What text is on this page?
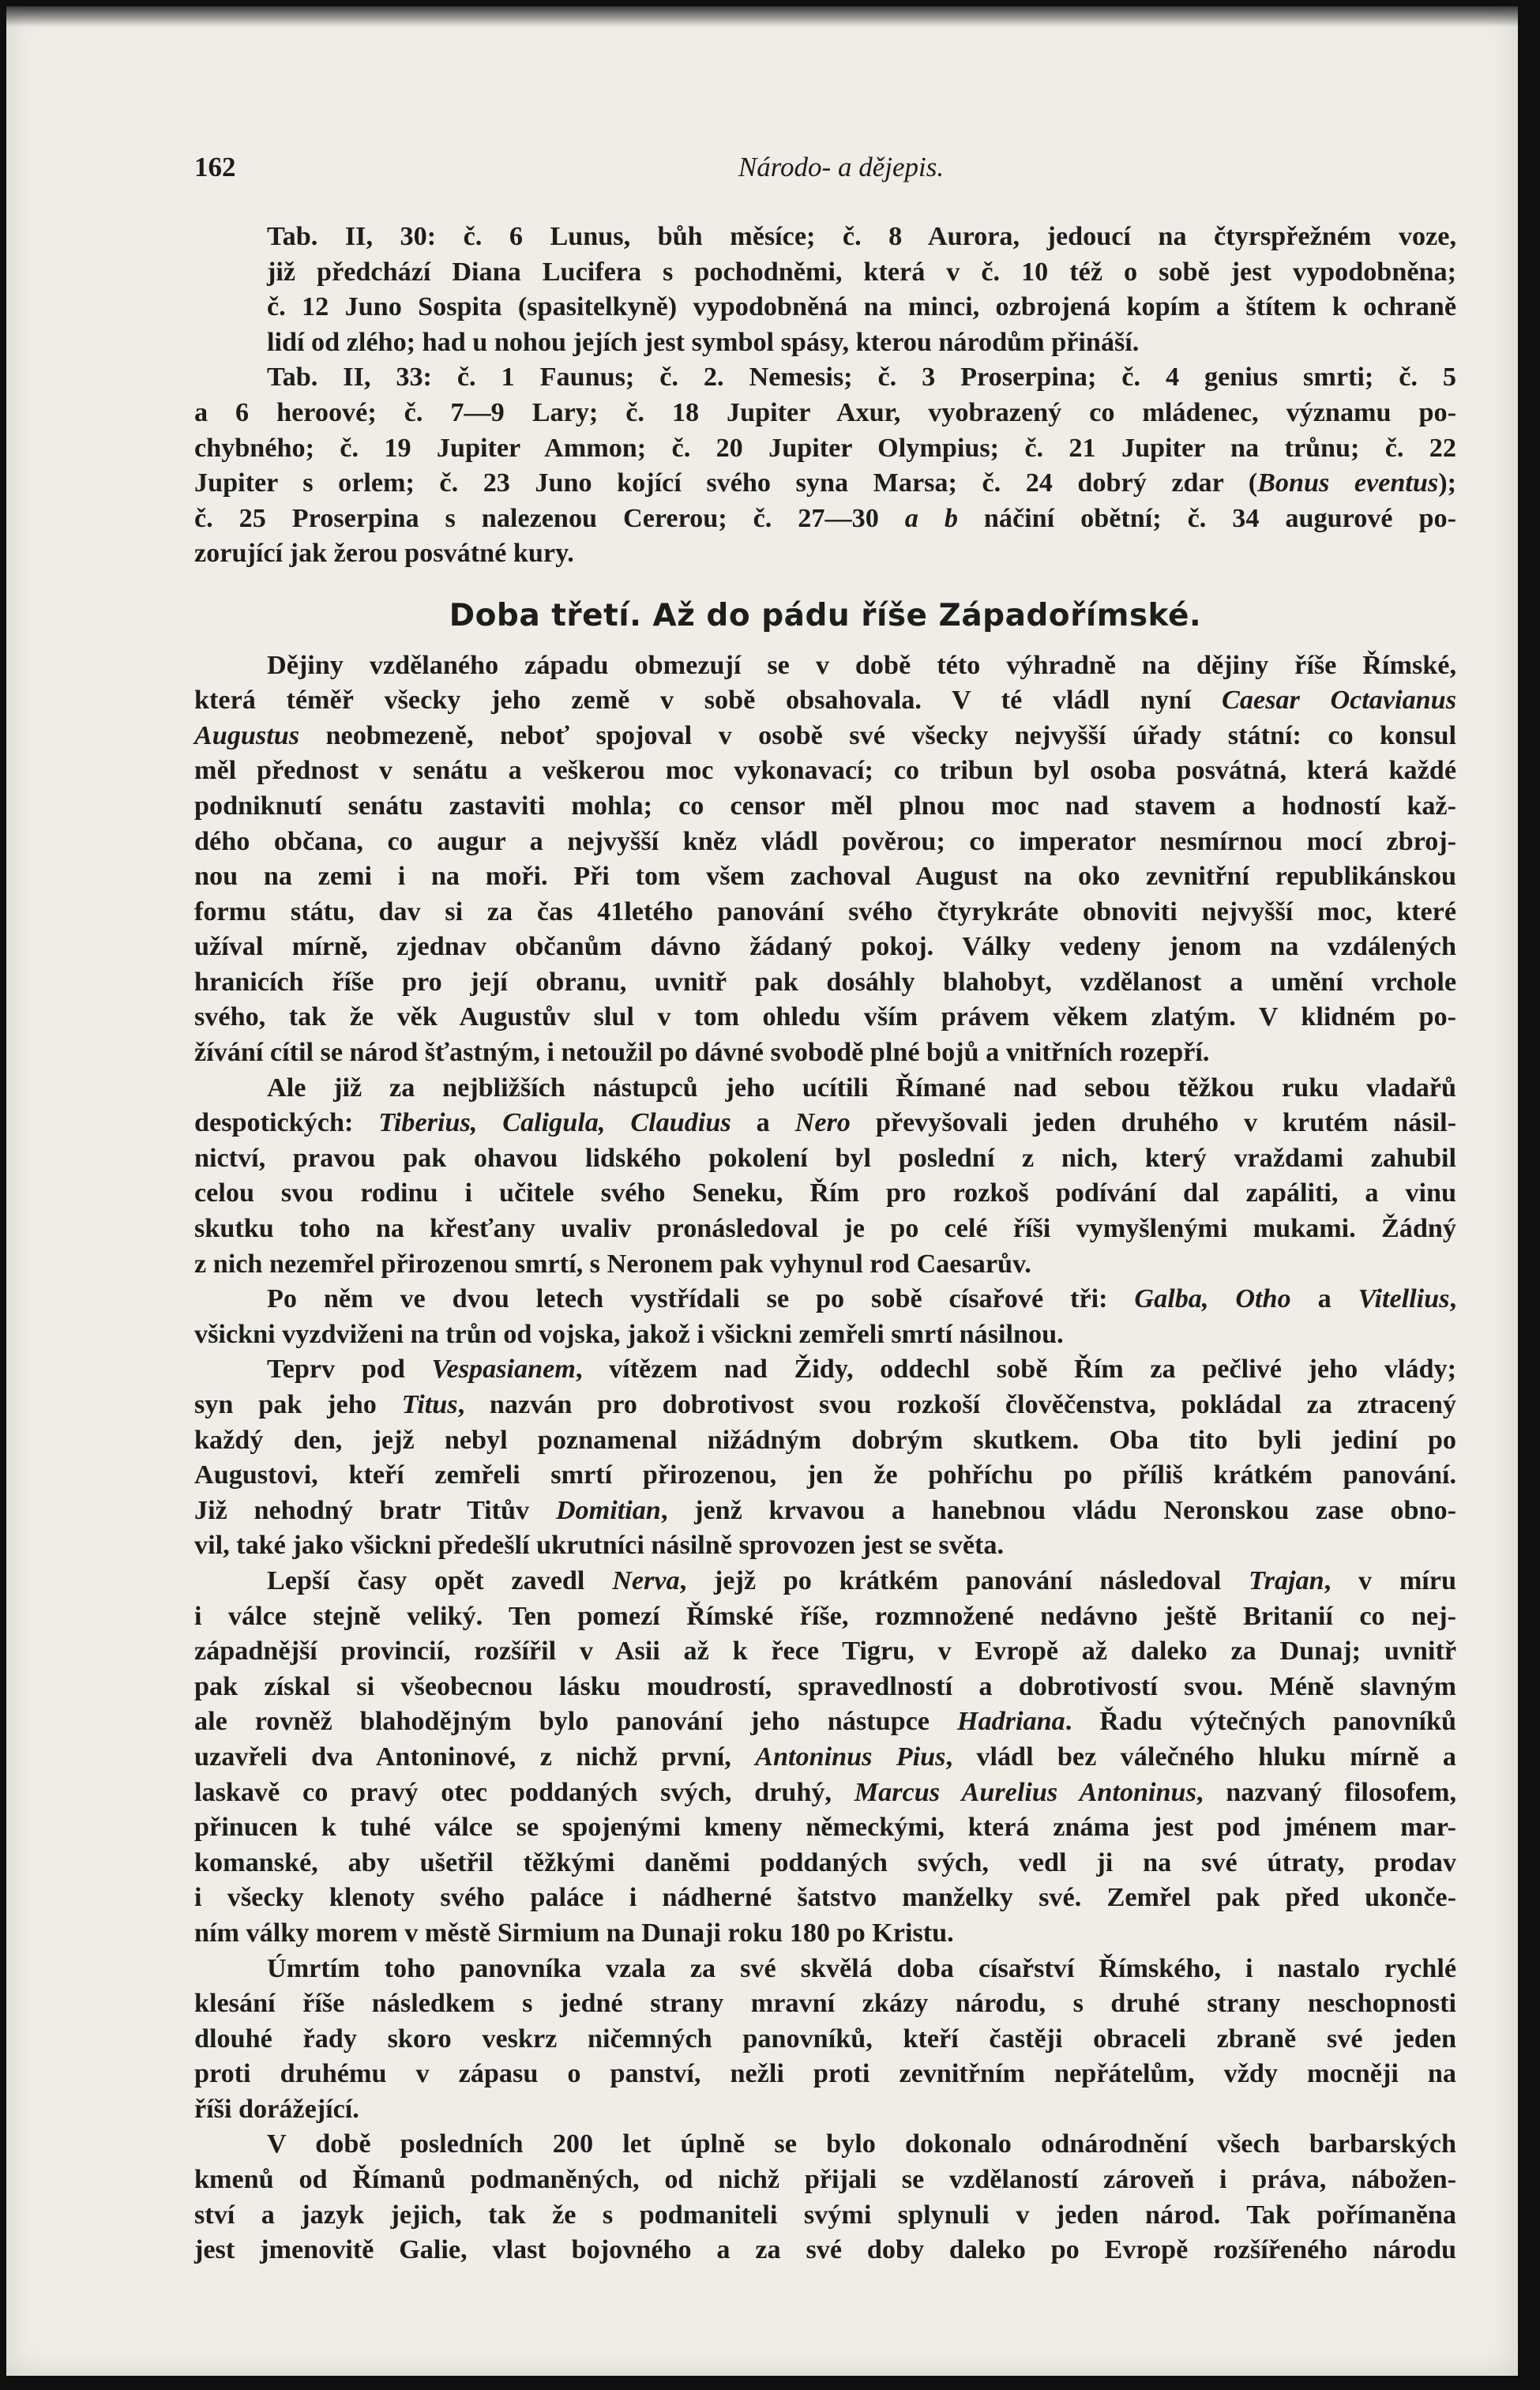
162	Národo- a dějepis.

Tab. II, 30: č. 6 Lunus, bůh měsíce; č. 8 Aurora, jedoucí na čtyrspřežném voze,
již předchází Diana Lucifera s pochodněmi, která v č. 10 též o sobě jest vypodobněna;
č. 12 Juno Sospita (spasitelkyně) vypodobněná na minci, ozbrojená kopím a štítem k ochraně
lidí od zlého; had u nohou jejích jest symbol spásy, kterou národům přináší.

Tab. II, 33: č. 1 Faunus; č. 2. Nemesis; č. 3 Proserpina; č. 4 genius smrti; č. 5
a 6 heroové; č. 7—9 Lary; č. 18 Jupiter Axur, vyobrazený co mládenec, významu po-
chybného; č. 19 Jupiter Ammon; č. 20 Jupiter Olympius; č. 21 Jupiter na trůnu; č. 22
Jupiter s orlem; č. 23 Juno kojící svého syna Marsa; č. 24 dobrý zdar (Bonus eventus);
č. 25 Proserpina s nalezenou Cererou; č. 27—30 a b náčiní obětní; č. 34 augurové po-
zorující jak žerou posvátné kury.

Doba třetí. Až do pádu říše Západořímské.

Dějiny vzdělaného západu obmezují se v době této výhradně na dějiny říše Římské,
která téměř všecky jeho země v sobě obsahovala. V té vládl nyní Caesar Octavianus
Augustus neobmezeně, neboť spojoval v osobě své všecky nejvyšší úřady státní: co konsul
měl přednost v senátu a veškerou moc vykonavací; co tribun byl osoba posvátná, která každé
podniknutí senátu zastaviti mohla; co censor měl plnou moc nad stavem a hodností kaž-
dého občana, co augur a nejvyšší kněz vládl pověrou; co imperator nesmírnou mocí zbroj-
nou na zemi i na moři. Při tom všem zachoval August na oko zevnitřní republikánskou
formu státu, dav si za čas 41letého panování svého čtyrykráte obnoviti nejvyšší moc, které
užíval mírně, zjednav občanům dávno žádaný pokoj. Války vedeny jenom na vzdálených
hranicích říše pro její obranu, uvnitř pak dosáhly blahobyt, vzdělanost a umění vrchole
svého, tak že věk Augustův slul v tom ohledu vším právem věkem zlatým. V klidném po-
žívání cítil se národ šťastným, i netoužil po dávné svobodě plné bojů a vnitřních rozepří.

Ale již za nejbližších nástupců jeho ucítili Římané nad sebou těžkou ruku vladařů
despotických: Tiberius, Caligula, Claudius a Nero převyšovali jeden druhého v krutém násil-
nictví, pravou pak ohavou lidského pokolení byl poslední z nich, který vraždami zahubil
celou svou rodinu i učitele svého Seneku, Řím pro rozkoš podívání dal zapáliti, a vinu
skutku toho na křesťany uvaliv pronásledoval je po celé říši vymyšlenými mukami. Žádný
z nich nezemřel přirozenou smrtí, s Neronem pak vyhynul rod Caesarův.

Po něm ve dvou letech vystřídali se po sobě císařové tři: Galba, Otho a Vitellius,
všickni vyzdviženi na trůn od vojska, jakož i všickni zemřeli smrtí násilnou.

Teprv pod Vespasianem, vítězem nad Židy, oddechl sobě Řím za pečlivé jeho vlády;
syn pak jeho Titus, nazván pro dobrotivost svou rozkoší člověčenstva, pokládal za ztracený
každý den, jejž nebyl poznamenal nižádným dobrým skutkem. Oba tito byli jediní po
Augustovi, kteří zemřeli smrtí přirozenou, jen že pohříchu po příliš krátkém panování.
Již nehodný bratr Titův Domitian, jenž krvavou a hanebnou vládu Neronskou zase obno-
vil, také jako všickni předešlí ukrutníci násilně sprovozen jest se světa.

Lepší časy opět zavedl Nerva, jejž po krátkém panování následoval Trajan, v míru
i válce stejně veliký. Ten pomezí Římské říše, rozmnožené nedávno ještě Britanií co nej-
západnější provincií, rozšířil v Asii až k řece Tigru, v Evropě až daleko za Dunaj; uvnitř
pak získal si všeobecnou lásku moudrostí, spravedlností a dobrotivostí svou. Méně slavným
ale rovněž blahodějným bylo panování jeho nástupce Hadriana. Řadu výtečných panovníků
uzavřeli dva Antoninové, z nichž první, Antoninus Pius, vládl bez válečného hluku mírně a
laskavě co pravý otec poddaných svých, druhý, Marcus Aurelius Antoninus, nazvaný filosofem,
přinucen k tuhé válce se spojenými kmeny německými, která známa jest pod jménem mar-
komanské, aby ušetřil těžkými daněmi poddaných svých, vedl ji na své útraty, prodav
i všecky klenoty svého paláce i nádherné šatstvo manželky své. Zemřel pak před ukonče-
ním války morem v městě Sirmium na Dunaji roku 180 po Kristu.

Úmrtím toho panovníka vzala za své skvělá doba císařství Římského, i nastalo rychlé
klesání říše následkem s jedné strany mravní zkázy národu, s druhé strany neschopnosti
dlouhé řady skoro veskrz ničemných panovníků, kteří častěji obraceli zbraně své jeden
proti druhému v zápasu o panství, nežli proti zevnitřním nepřátelům, vždy mocněji na
říši dorážející.

V době posledních 200 let úplně se bylo dokonalo odnárodnění všech barbarských
kmenů od Římanů podmaněných, od nichž přijali se vzdělaností zároveň i práva, nábožen-
ství a jazyk jejich, tak že s podmaniteli svými splynuli v jeden národ. Tak pořímaněna
jest jmenovitě Galie, vlast bojovného a za své doby daleko po Evropě rozšířeného národu
